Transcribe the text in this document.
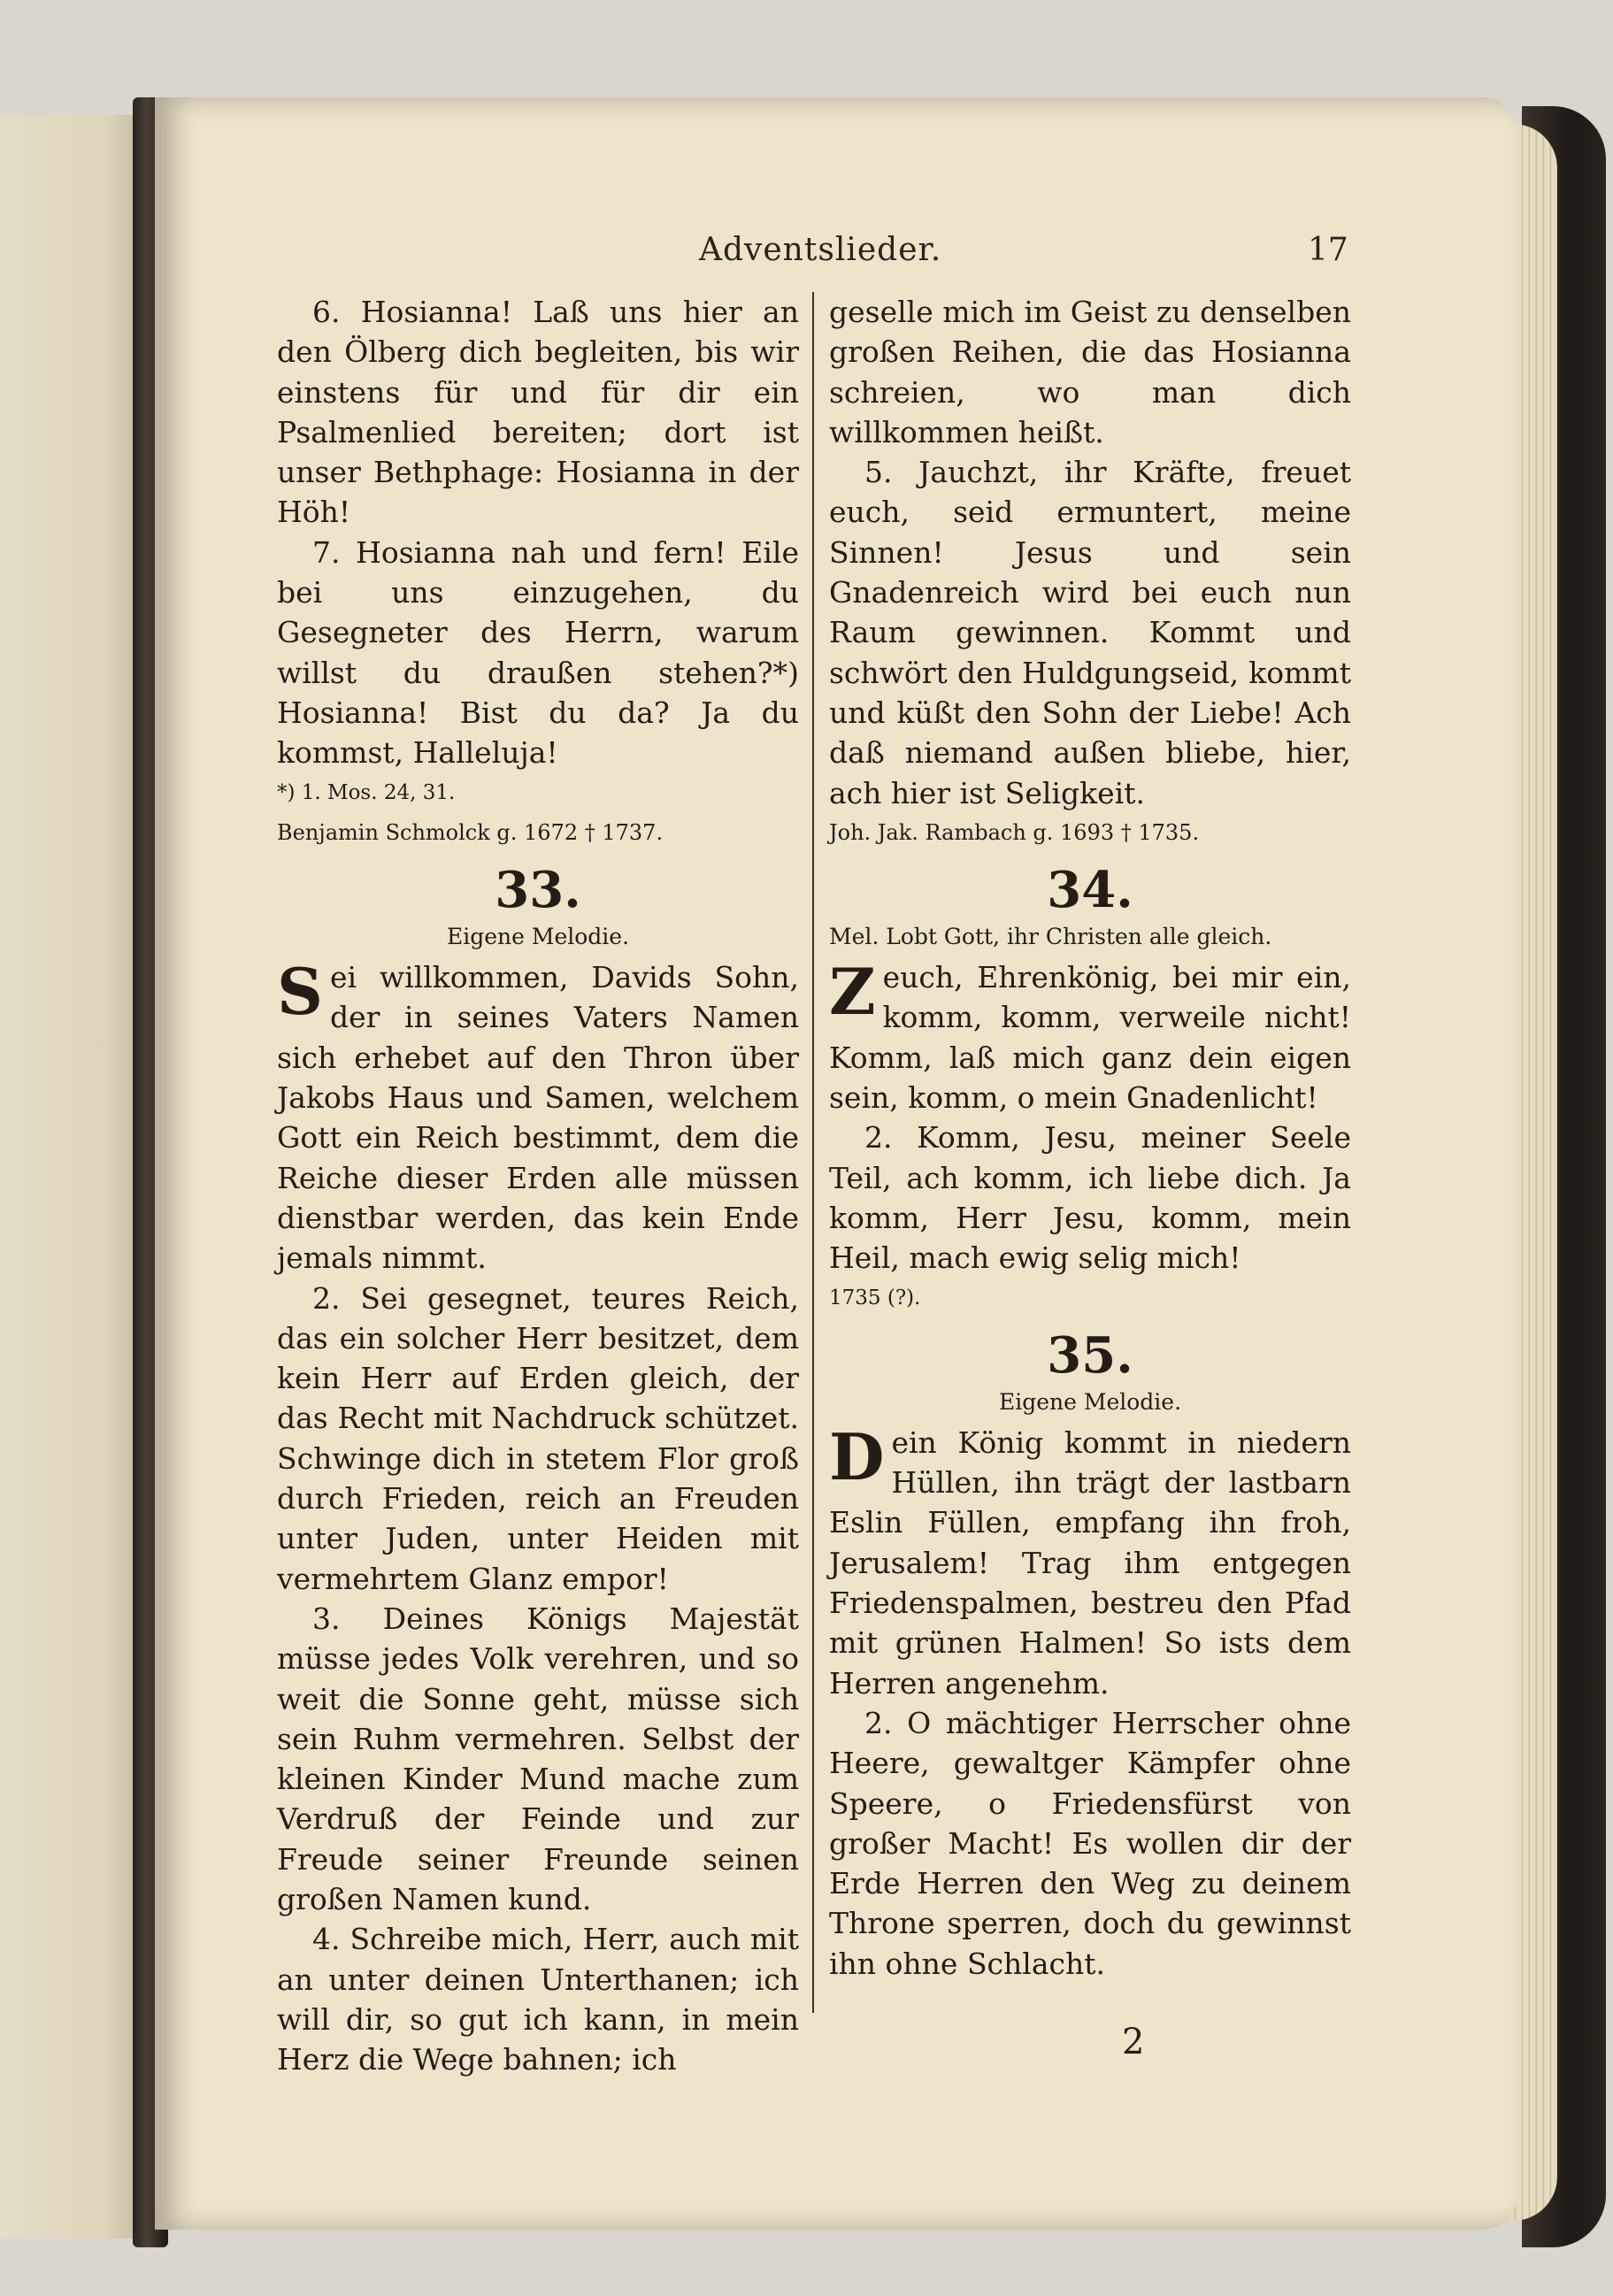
Adventslieder.	17

6. Hosianna! Laß uns hier an den Ölberg dich begleiten, bis wir einstens für und für dir ein Psalmenlied bereiten; dort ist unser Bethphage: Hosianna in der Höh!

7. Hosianna nah und fern! Eile bei uns einzugehen, du Gesegneter des Herrn, warum willst du draußen stehen?*) Hosianna! Bist du da? Ja du kommst, Halleluja!

*) 1. Mos. 24, 31.

Benjamin Schmolck g. 1672 † 1737.

33.
Eigene Melodie.

Sei willkommen, Davids Sohn, der in seines Vaters Namen sich erhebet auf den Thron über Jakobs Haus und Samen, welchem Gott ein Reich bestimmt, dem die Reiche dieser Erden alle müssen dienstbar werden, das kein Ende jemals nimmt.

2. Sei gesegnet, teures Reich, das ein solcher Herr besitzet, dem kein Herr auf Erden gleich, der das Recht mit Nachdruck schützet. Schwinge dich in stetem Flor groß durch Frieden, reich an Freuden unter Juden, unter Heiden mit vermehrtem Glanz empor!

3. Deines Königs Majestät müsse jedes Volk verehren, und so weit die Sonne geht, müsse sich sein Ruhm vermehren. Selbst der kleinen Kinder Mund mache zum Verdruß der Feinde und zur Freude seiner Freunde seinen großen Namen kund.

4. Schreibe mich, Herr, auch mit an unter deinen Unterthanen; ich will dir, so gut ich kann, in mein Herz die Wege bahnen; ich

geselle mich im Geist zu denselben großen Reihen, die das Hosianna schreien, wo man dich willkommen heißt.

5. Jauchzt, ihr Kräfte, freuet euch, seid ermuntert, meine Sinnen! Jesus und sein Gnadenreich wird bei euch nun Raum gewinnen. Kommt und schwört den Huldgungseid, kommt und küßt den Sohn der Liebe! Ach daß niemand außen bliebe, hier, ach hier ist Seligkeit.

Joh. Jak. Rambach g. 1693 † 1735.

34.
Mel. Lobt Gott, ihr Christen alle gleich.

Zeuch, Ehrenkönig, bei mir ein, komm, komm, verweile nicht! Komm, laß mich ganz dein eigen sein, komm, o mein Gnadenlicht!

2. Komm, Jesu, meiner Seele Teil, ach komm, ich liebe dich. Ja komm, Herr Jesu, komm, mein Heil, mach ewig selig mich!

1735 (?).

35.
Eigene Melodie.

Dein König kommt in niedern Hüllen, ihn trägt der lastbarn Eslin Füllen, empfang ihn froh, Jerusalem! Trag ihm entgegen Friedenspalmen, bestreu den Pfad mit grünen Halmen! So ists dem Herren angenehm.

2. O mächtiger Herrscher ohne Heere, gewaltger Kämpfer ohne Speere, o Friedensfürst von großer Macht! Es wollen dir der Erde Herren den Weg zu deinem Throne sperren, doch du gewinnst ihn ohne Schlacht.

2
